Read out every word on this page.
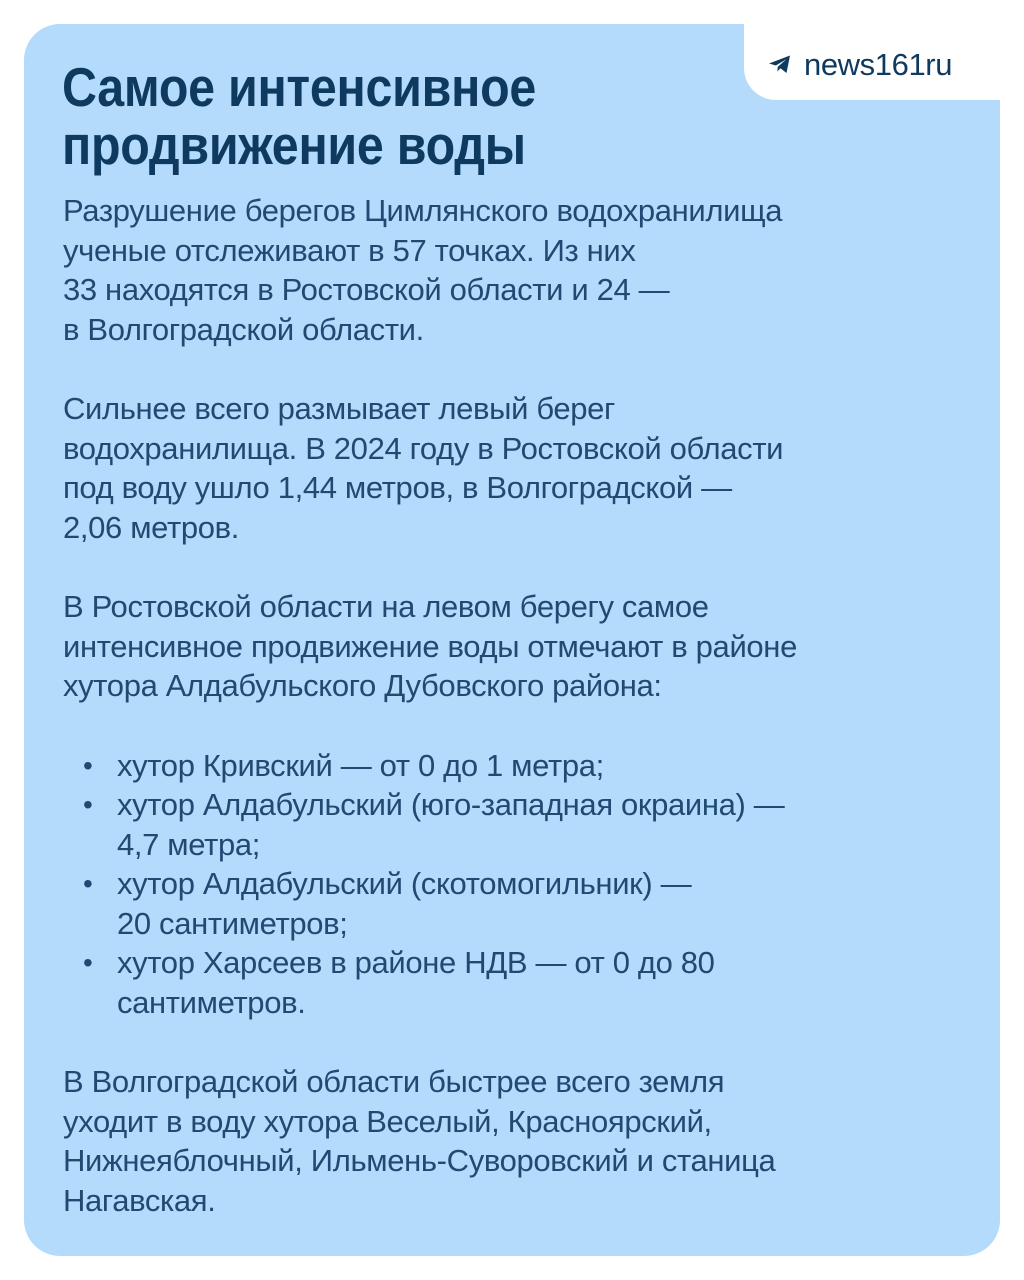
news161ru
Самое интенсивное
продвижение воды

Разрушение берегов Цимлянского водохранилища
ученые отслеживают в 57 точках. Из них
33 находятся в Ростовской области и 24 —
в Волгоградской области.

Сильнее всего размывает левый берег
водохранилища. В 2024 году в Ростовской области
под воду ушло 1,44 метров, в Волгоградской —
2,06 метров.

В Ростовской области на левом берегу самое
интенсивное продвижение воды отмечают в районе
хутора Алдабульского Дубовского района:

• хутор Кривский — от 0 до 1 метра;
• хутор Алдабульский (юго-западная окраина) —
4,7 метра;
• хутор Алдабульский (скотомогильник) —
20 сантиметров;
• хутор Харсеев в районе НДВ — от 0 до 80
сантиметров.

В Волгоградской области быстрее всего земля
уходит в воду хутора Веселый, Красноярский,
Нижнеяблочный, Ильмень-Суворовский и станица
Нагавская.
